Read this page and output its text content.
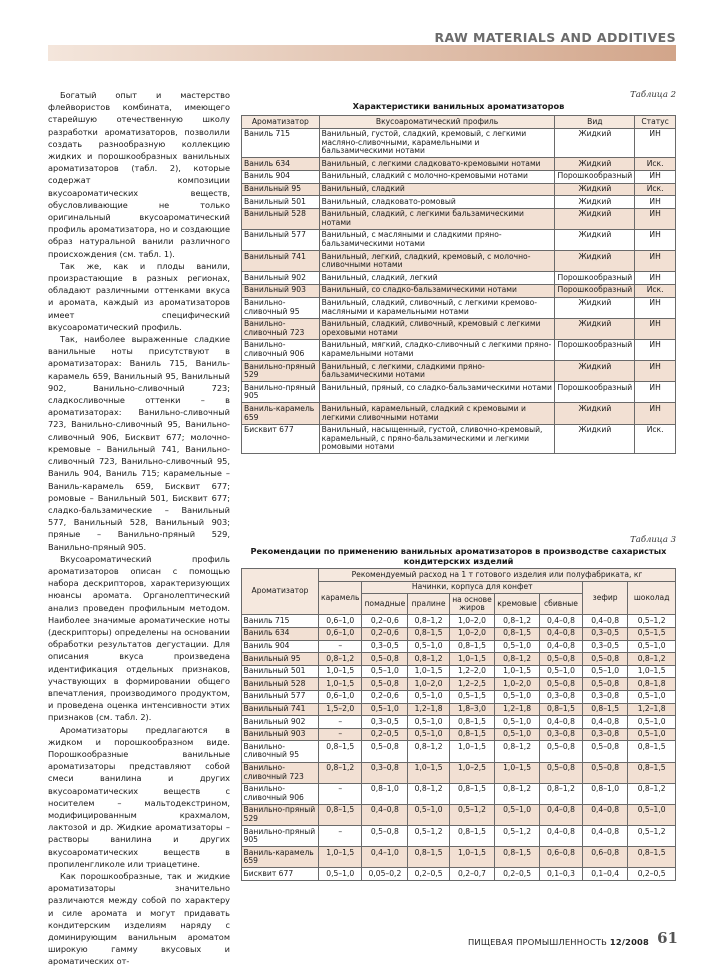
RAW MATERIALS AND ADDITIVES

Богатый опыт и мастерство флейвористов комбината, имеющего старейшую отечественную школу разработки ароматизаторов, позволили создать разнообразную коллекцию жидких и порошкообразных ванильных ароматизаторов (табл. 2), которые содержат композиции вкусоароматических веществ, обусловливающие не только оригинальный вкусоароматический профиль ароматизатора, но и создающие образ натуральной ванили различного происхождения (см. табл. 1).

Так же, как и плоды ванили, произрастающие в разных регионах, обладают различными оттенками вкуса и аромата, каждый из ароматизаторов имеет специфический вкусоароматический профиль.

Так, наиболее выраженные сладкие ванильные ноты присутствуют в ароматизаторах: Ваниль 715, Ваниль-карамель 659, Ванильный 95, Ванильный 902, Ванильно-сливочный 723; сладкосливочные оттенки – в ароматизаторах: Ванильно-сливочный 723, Ванильно-сливочный 95, Ванильно-сливочный 906, Бисквит 677; молочно-кремовые – Ванильный 741, Ванильно-сливочный 723, Ванильно-сливочный 95, Ваниль 904, Ваниль 715; карамельные – Ваниль-карамель 659, Бисквит 677; ромовые – Ванильный 501, Бисквит 677; сладко-бальзамические – Ванильный 577, Ванильный 528, Ванильный 903; пряные – Ванильно-пряный 529, Ванильно-пряный 905.

Вкусоароматический профиль ароматизаторов описан с помощью набора дескрипторов, характеризующих нюансы аромата. Органолептический анализ проведен профильным методом. Наиболее значимые ароматические ноты (дескрипторы) определены на основании обработки результатов дегустации. Для описания вкуса произведена идентификация отдельных признаков, участвующих в формировании общего впечатления, производимого продуктом, и проведена оценка интенсивности этих признаков (см. табл. 2).

Ароматизаторы предлагаются в жидком и порошкообразном виде. Порошкообразные ванильные ароматизаторы представляют собой смеси ванилина и других вкусоароматических веществ с носителем – мальтодекстрином, модифицированным крахмалом, лактозой и др. Жидкие ароматизаторы – растворы ванилина и других вкусоароматических веществ в пропиленгликоле или триацетине.

Как порошкообразные, так и жидкие ароматизаторы значительно различаются между собой по характеру и силе аромата и могут придавать кондитерским изделиям наряду с доминирующим ванильным ароматом широкую гамму вкусовых и ароматических от-

Таблица 2
Характеристики ванильных ароматизаторов
Ароматизатор	Вкусоароматический профиль	Вид	Статус
Ваниль 715	Ванильный, густой, сладкий, кремовый, с легкими масляно-сливочными, карамельными и бальзамическими нотами	Жидкий	ИН
Ваниль 634	Ванильный, с легкими сладковато-кремовыми нотами	Жидкий	Иск.
Ваниль 904	Ванильный, сладкий с молочно-кремовыми нотами	Порошкообразный	ИН
Ванильный 95	Ванильный, сладкий	Жидкий	Иск.
Ванильный 501	Ванильный, сладковато-ромовый	Жидкий	ИН
Ванильный 528	Ванильный, сладкий, с легкими бальзамическими нотами	Жидкий	ИН
Ванильный 577	Ванильный, с масляными и сладкими пряно-бальзамическими нотами	Жидкий	ИН
Ванильный 741	Ванильный, легкий, сладкий, кремовый, с молочно-сливочными нотами	Жидкий	ИН
Ванильный 902	Ванильный, сладкий, легкий	Порошкообразный	ИН
Ванильный 903	Ванильный, со сладко-бальзамическими нотами	Порошкообразный	Иск.
Ванильно-сливочный 95	Ванильный, сладкий, сливочный, с легкими кремово-масляными и карамельными нотами	Жидкий	ИН
Ванильно-сливочный 723	Ванильный, сладкий, сливочный, кремовый с легкими ореховыми нотами	Жидкий	ИН
Ванильно-сливочный 906	Ванильный, мягкий, сладко-сливочный с легкими пряно-карамельными нотами	Порошкообразный	ИН
Ванильно-пряный 529	Ванильный, с легкими, сладкими пряно-бальзамическими нотами	Жидкий	ИН
Ванильно-пряный 905	Ванильный, пряный, со сладко-бальзамическими нотами	Порошкообразный	ИН
Ваниль-карамель 659	Ванильный, карамельный, сладкий с кремовыми и легкими сливочными нотами	Жидкий	ИН
Бисквит 677	Ванильный, насыщенный, густой, сливочно-кремовый, карамельный, с пряно-бальзамическими и легкими ромовыми нотами	Жидкий	Иск.
Таблица 3
Рекомендации по применению ванильных ароматизаторов в производстве сахаристых кондитерских изделий
Ароматизатор	Рекомендуемый расход на 1 т готового изделия или полуфабриката, кг							
	карамель	Начинки, корпуса для конфет					зефир	шоколад
		помадные	пралине	на основе жиров	кремовые	сбивные		
Ваниль 715	0,6–1,0	0,2–0,6	0,8–1,2	1,0–2,0	0,8–1,2	0,4–0,8	0,4–0,8	0,5–1,2
Ваниль 634	0,6–1,0	0,2–0,6	0,8–1,5	1,0–2,0	0,8–1,5	0,4–0,8	0,3–0,5	0,5–1,5
Ваниль 904	–	0,3–0,5	0,5–1,0	0,8–1,5	0,5–1,0	0,4–0,8	0,3–0,5	0,5–1,0
Ванильный 95	0,8–1,2	0,5–0,8	0,8–1,2	1,0–1,5	0,8–1,2	0,5–0,8	0,5–0,8	0,8–1,2
Ванильный 501	1,0–1,5	0,5–1,0	1,0–1,5	1,2–2,0	1,0–1,5	0,5–1,0	0,5–1,0	1,0–1,5
Ванильный 528	1,0–1,5	0,5–0,8	1,0–2,0	1,2–2,5	1,0–2,0	0,5–0,8	0,5–0,8	0,8–1,8
Ванильный 577	0,6–1,0	0,2–0,6	0,5–1,0	0,5–1,5	0,5–1,0	0,3–0,8	0,3–0,8	0,5–1,0
Ванильный 741	1,5–2,0	0,5–1,0	1,2–1,8	1,8–3,0	1,2–1,8	0,8–1,5	0,8–1,5	1,2–1,8
Ванильный 902	–	0,3–0,5	0,5–1,0	0,8–1,5	0,5–1,0	0,4–0,8	0,4–0,8	0,5–1,0
Ванильный 903	–	0,2–0,5	0,5–1,0	0,8–1,5	0,5–1,0	0,3–0,8	0,3–0,8	0,5–1,0
Ванильно-сливочный 95	0,8–1,5	0,5–0,8	0,8–1,2	1,0–1,5	0,8–1,2	0,5–0,8	0,5–0,8	0,8–1,5
Ванильно-сливочный 723	0,8–1,2	0,3–0,8	1,0–1,5	1,0–2,5	1,0–1,5	0,5–0,8	0,5–0,8	0,8–1,5
Ванильно-сливочный 906	–	0,8–1,0	0,8–1,2	0,8–1,5	0,8–1,2	0,8–1,2	0,8–1,0	0,8–1,2
Ванильно-пряный 529	0,8–1,5	0,4–0,8	0,5–1,0	0,5–1,2	0,5–1,0	0,4–0,8	0,4–0,8	0,5–1,0
Ванильно-пряный 905	–	0,5–0,8	0,5–1,2	0,8–1,5	0,5–1,2	0,4–0,8	0,4–0,8	0,5–1,2
Ваниль-карамель 659	1,0–1,5	0,4–1,0	0,8–1,5	1,0–1,5	0,8–1,5	0,6–0,8	0,6–0,8	0,8–1,5
Бисквит 677	0,5–1,0	0,05–0,2	0,2–0,5	0,2–0,7	0,2–0,5	0,1–0,3	0,1–0,4	0,2–0,5
ПИЩЕВАЯ ПРОМЫШЛЕННОСТЬ 12/2008 61
